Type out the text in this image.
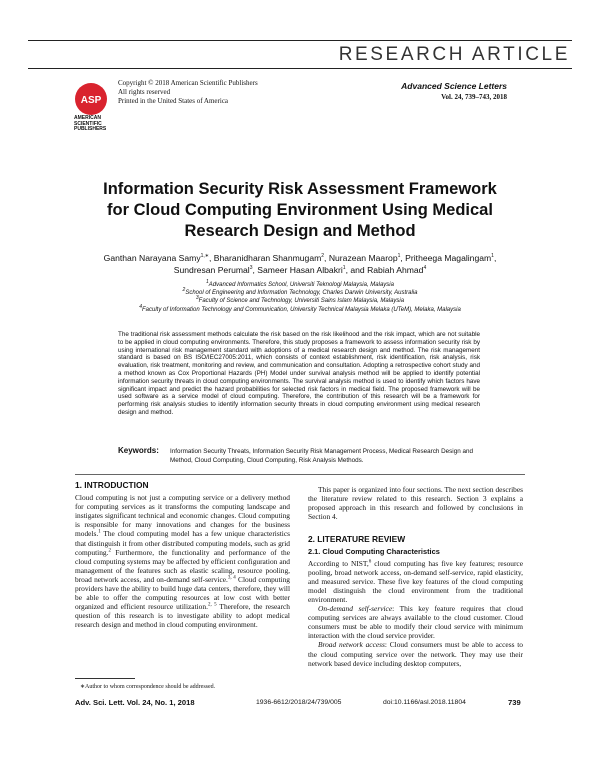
RESEARCH ARTICLE
ASP
AMERICAN
SCIENTIFIC
PUBLISHERS
Copyright © 2018 American Scientific Publishers
All rights reserved
Printed in the United States of America
Advanced Science Letters
Vol. 24, 739–743, 2018
Information Security Risk Assessment Framework
for Cloud Computing Environment Using Medical
Research Design and Method
Ganthan Narayana Samy$^{1,∗}$, Bharanidharan Shanmugam$^2$, Nurazean Maarop$^1$, Pritheega Magalingam$^1$,
Sundresan Perumal$^3$, Sameer Hasan Albakri$^1$, and Rabiah Ahmad$^4$
$^1$Advanced Informatics School, Universiti Teknologi Malaysia, Malaysia
$^2$School of Engineering and Information Technology, Charles Darwin University, Australia
$^3$Faculty of Science and Technology, Universiti Sains Islam Malaysia, Malaysia
$^4$Faculty of Information Technology and Communication, University Technical Malaysia Melaka (UTeM), Melaka, Malaysia
The traditional risk assessment methods calculate the risk based on the risk likelihood and the risk impact, which are not suitable to be applied in cloud computing environments. Therefore, this study proposes a framework to assess information security risk by using international risk management standard with adoptions of a medical research design and method. The risk management standard is based on BS ISO/IEC27005:2011, which consists of context establishment, risk identification, risk analysis, risk evaluation, risk treatment, monitoring and review, and communication and consultation. Adopting a retrospective cohort study and a method known as Cox Proportional Hazards (PH) Model under survival analysis method will be applied to identify potential information security threats in cloud computing environments. The survival analysis method is used to identify which factors have significant impact and predict the hazard probabilities for selected risk factors in medical field. The proposed framework will be used software as a service model of cloud computing. Therefore, the contribution of this research will be a framework for performing risk analysis studies to identify information security threats in cloud computing environment using medical research design and method.
Keywords: Information Security Threats, Information Security Risk Management Process, Medical Research Design and Method, Cloud Computing, Cloud Computing, Risk Analysis Methods.
1. INTRODUCTION

Cloud computing is not just a computing service or a delivery method for computing services as it transforms the computing landscape and instigates significant technical and economic changes. Cloud computing is responsible for many innovations and changes for the business models.$^1$ The cloud computing model has a few unique characteristics that distinguish it from other distributed computing models, such as grid computing.$^2$ Furthermore, the functionality and performance of the cloud computing systems may be affected by efficient configuration and management of the features such as elastic scaling, resource pooling, broad network access, and on-demand self-service.$^{3, 4}$ Cloud computing providers have the ability to build huge data centers, therefore, they will be able to offer the computing resources at low cost with better organized and efficient resource utilization.$^{2, 5}$ Therefore, the research question of this research is to investigate ability to adopt medical research design and method in cloud computing environment.

∗Author to whom correspondence should be addressed.

This paper is organized into four sections. The next section describes the literature review related to this research. Section 3 explains a proposed approach in this research and followed by conclusions in Section 4.

2. LITERATURE REVIEW
2.1. Cloud Computing Characteristics

According to NIST,$^6$ cloud computing has five key features; resource pooling, broad network access, on-demand self-service, rapid elasticity, and measured service. These five key features of the cloud computing model distinguish the cloud environment from the traditional environment.

On-demand self-service: This key feature requires that cloud computing services are always available to the cloud customer. Cloud consumers must be able to modify their cloud service with minimum interaction with the cloud service provider.

Broad network access: Cloud consumers must be able to access to the cloud computing service over the network. They may use their network based device including desktop computers,

Adv. Sci. Lett. Vol. 24, No. 1, 2018	1936-6612/2018/24/739/005	doi:10.1166/asl.2018.11804	739
